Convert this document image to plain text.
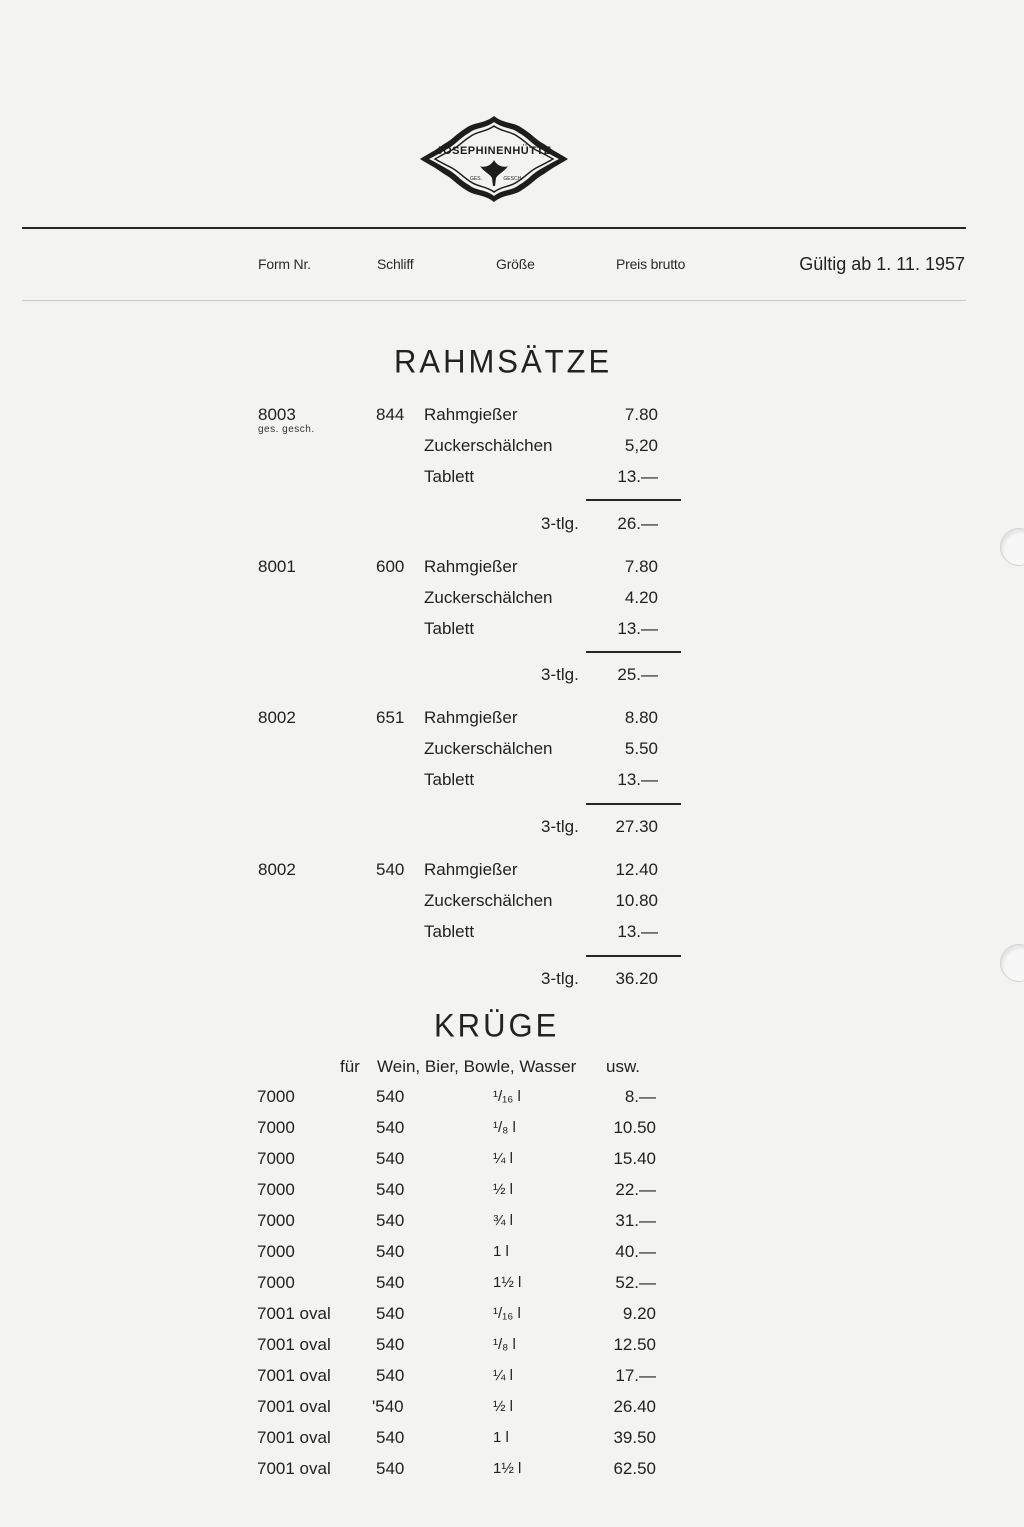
JOSEPHINENHÜTTE
GES.	GESCH.
Form Nr.	Schliff	Größe	Preis brutto	Gültig ab 1. 11. 1957
RAHMSÄTZE
8003
ges. gesch.
844 Rahmgießer	7.80
Zuckerschälchen	5,20
Tablett	13.—
3-tlg.	26.—
8001	600 Rahmgießer	7.80
Zuckerschälchen	4.20
Tablett	13.—
3-tlg.	25.—
8002	651 Rahmgießer	8.80
Zuckerschälchen	5.50
Tablett	13.—
3-tlg.	27.30
8002	540 Rahmgießer	12.40
Zuckerschälchen	10.80
Tablett	13.—
3-tlg.	36.20
KRÜGE
für Wein, Bier, Bowle, Wasser usw.
7000	540	¹/₁₆ l	8.—
7000	540	¹/₈ l	10.50
7000	540	¼ l	15.40
7000	540	½ l	22.—
7000	540	¾ l	31.—
7000	540	1 l	40.—
7000	540	1½ l	52.—
7001 oval	540	¹/₁₆ l	9.20
7001 oval	540	¹/₈ l	12.50
7001 oval	540	¼ l	17.—
7001 oval '540	½ l	26.40
7001 oval	540	1 l	39.50
7001 oval	540	1½ l	62.50
